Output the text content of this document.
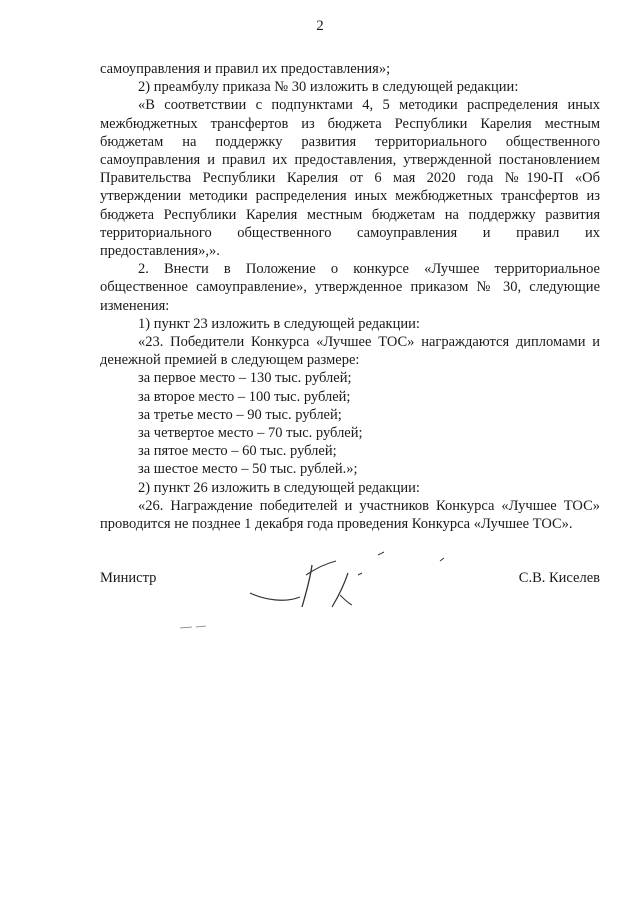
2

самоуправления и правил их предоставления»;

2) преамбулу приказа № 30 изложить в следующей редакции:

«В соответствии с подпунктами 4, 5 методики распределения иных межбюджетных трансфертов из бюджета Республики Карелия местным бюджетам на поддержку развития территориального общественного самоуправления и правил их предоставления, утвержденной постановлением Правительства Республики Карелия от 6 мая 2020 года №190-П «Об утверждении методики распределения иных межбюджетных трансфертов из бюджета Республики Карелия местным бюджетам на поддержку развития территориального общественного самоуправления и правил их предоставления»,».

2. Внести в Положение о конкурсе «Лучшее территориальное общественное самоуправление», утвержденное приказом № 30, следующие изменения:

1) пункт 23 изложить в следующей редакции:

«23. Победители Конкурса «Лучшее ТОС» награждаются дипломами и денежной премией в следующем размере:

за первое место – 130 тыс. рублей;

за второе место – 100 тыс. рублей;

за третье место – 90 тыс. рублей;

за четвертое место – 70 тыс. рублей;

за пятое место – 60 тыс. рублей;

за шестое место – 50 тыс. рублей.»;

2) пункт 26 изложить в следующей редакции:

«26. Награждение победителей и участников Конкурса «Лучшее ТОС» проводится не позднее 1 декабря года проведения Конкурса «Лучшее ТОС».

Министр	С.В. Киселев
